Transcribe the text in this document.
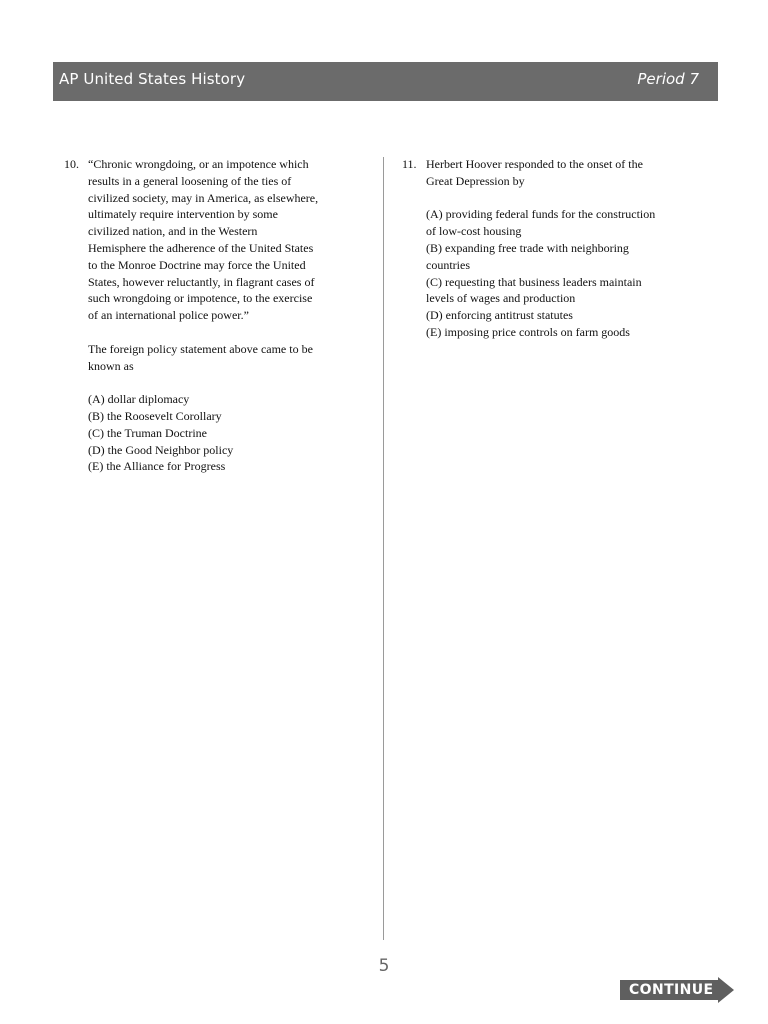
AP United States History	Period 7
10. “Chronic wrongdoing, or an impotence which
results in a general loosening of the ties of
civilized society, may in America, as elsewhere,
ultimately require intervention by some
civilized nation, and in the Western
Hemisphere the adherence of the United States
to the Monroe Doctrine may force the United
States, however reluctantly, in flagrant cases of
such wrongdoing or impotence, to the exercise
of an international police power.”
The foreign policy statement above came to be
known as
(A) dollar diplomacy
(B) the Roosevelt Corollary
(C) the Truman Doctrine
(D) the Good Neighbor policy
(E) the Alliance for Progress
11. Herbert Hoover responded to the onset of the
Great Depression by
(A) providing federal funds for the construction
of low-cost housing
(B) expanding free trade with neighboring
countries
(C) requesting that business leaders maintain
levels of wages and production
(D) enforcing antitrust statutes
(E) imposing price controls on farm goods
5
CONTINUE
